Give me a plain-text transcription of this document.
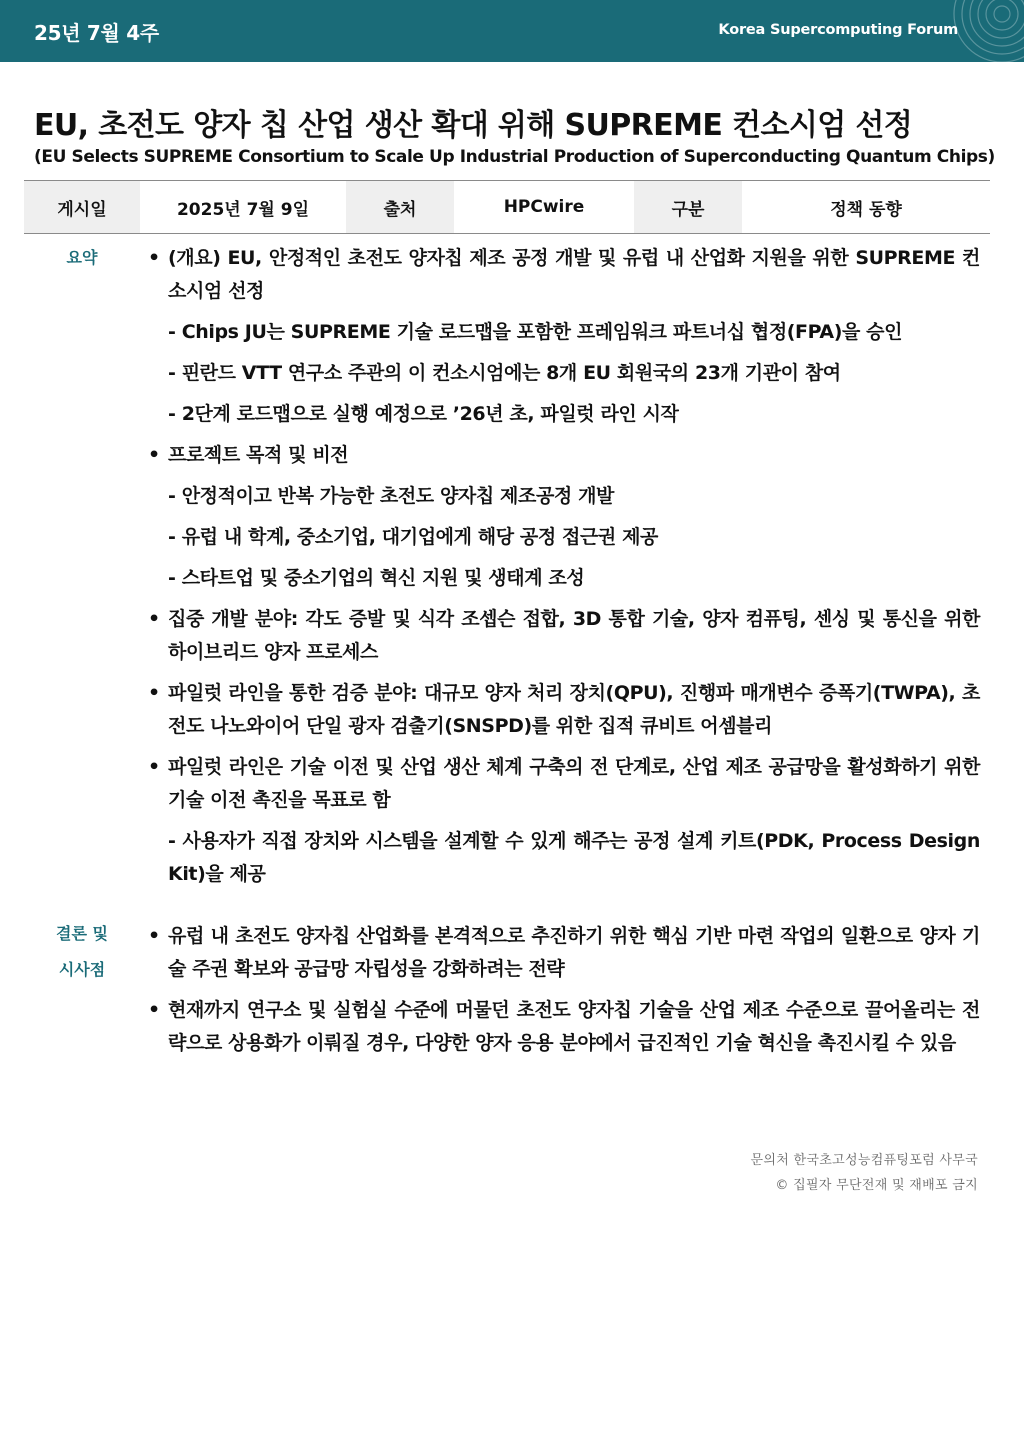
25년 7월 4주	Korea Supercomputing Forum
EU, 초전도 양자 칩 산업 생산 확대 위해 SUPREME 컨소시엄 선정
(EU Selects SUPREME Consortium to Scale Up Industrial Production of Superconducting Quantum Chips)
게시일	2025년 7월 9일	출처	HPCwire	구분	정책 동향
요약	• (개요) EU, 안정적인 초전도 양자칩 제조 공정 개발 및 유럽 내 산업화 지원을 위한 SUPREME 컨소시엄 선정
- Chips JU는 SUPREME 기술 로드맵을 포함한 프레임워크 파트너십 협정(FPA)을 승인
- 핀란드 VTT 연구소 주관의 이 컨소시엄에는 8개 EU 회원국의 23개 기관이 참여
- 2단계 로드맵으로 실행 예정으로 ’26년 초, 파일럿 라인 시작
• 프로젝트 목적 및 비전
- 안정적이고 반복 가능한 초전도 양자칩 제조공정 개발
- 유럽 내 학계, 중소기업, 대기업에게 해당 공정 접근권 제공
- 스타트업 및 중소기업의 혁신 지원 및 생태계 조성
• 집중 개발 분야: 각도 증발 및 식각 조셉슨 접합, 3D 통합 기술, 양자 컴퓨팅, 센싱 및 통신을 위한 하이브리드 양자 프로세스
• 파일럿 라인을 통한 검증 분야: 대규모 양자 처리 장치(QPU), 진행파 매개변수 증폭기(TWPA), 초전도 나노와이어 단일 광자 검출기(SNSPD)를 위한 집적 큐비트 어셈블리
• 파일럿 라인은 기술 이전 및 산업 생산 체계 구축의 전 단계로, 산업 제조 공급망을 활성화하기 위한 기술 이전 촉진을 목표로 함
- 사용자가 직접 장치와 시스템을 설계할 수 있게 해주는 공정 설계 키트(PDK, Process Design Kit)을 제공
결론 및
시사점
• 유럽 내 초전도 양자칩 산업화를 본격적으로 추진하기 위한 핵심 기반 마련 작업의 일환으로 양자 기술 주권 확보와 공급망 자립성을 강화하려는 전략
• 현재까지 연구소 및 실험실 수준에 머물던 초전도 양자칩 기술을 산업 제조 수준으로 끌어올리는 전략으로 상용화가 이뤄질 경우, 다양한 양자 응용 분야에서 급진적인 기술 혁신을 촉진시킬 수 있음
문의처 한국초고성능컴퓨팅포럼 사무국
© 집필자 무단전재 및 재배포 금지
